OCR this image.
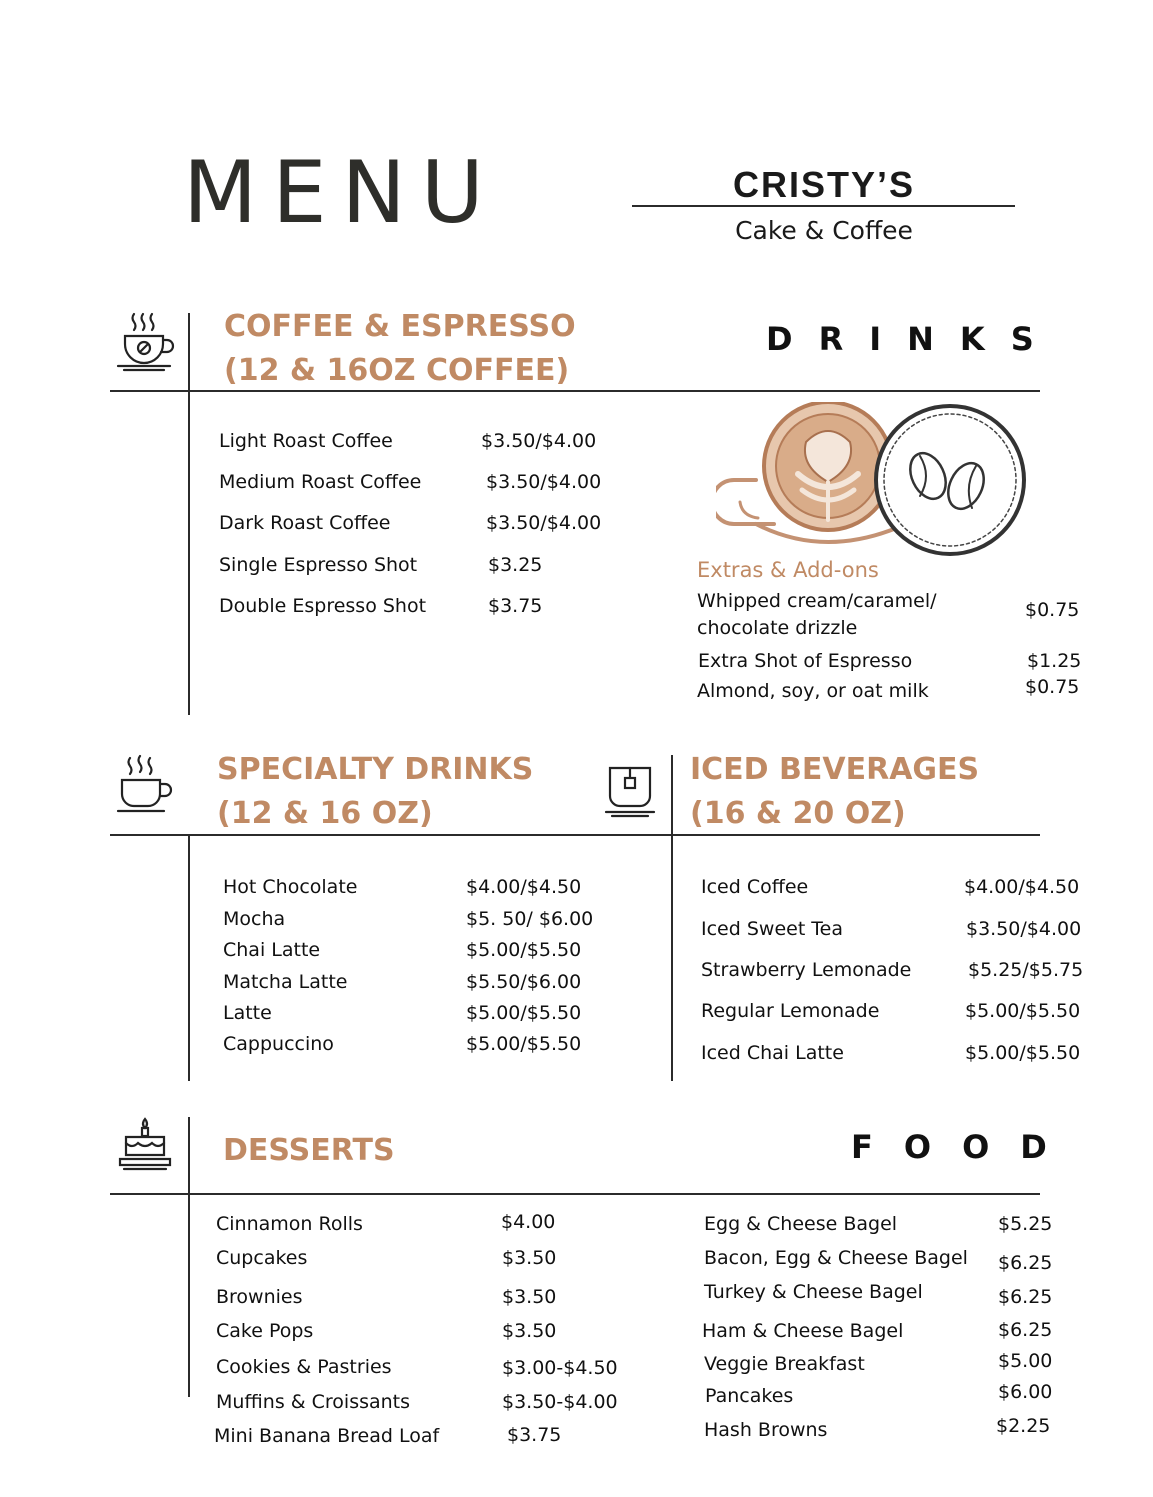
MENU	CRISTY’S
Cake & Coffee
COFFEE & ESPRESSO
(12 & 16OZ COFFEE)
DRINKS
Light Roast Coffee	$3.50/$4.00
Medium Roast Coffee	$3.50/$4.00
Dark Roast Coffee	$3.50/$4.00
Single Espresso Shot	$3.25
Double Espresso Shot	$3.75
Extras & Add-ons
Whipped cream/caramel/
chocolate drizzle
$0.75
Extra Shot of Espresso	$1.25
Almond, soy, or oat milk	$0.75
SPECIALTY DRINKS
(12 & 16 OZ)
ICED BEVERAGES
(16 & 20 OZ)
Hot Chocolate	$4.00/$4.50
Mocha	$5. 50/ $6.00
Chai Latte	$5.00/$5.50
Matcha Latte	$5.50/$6.00
Latte	$5.00/$5.50
Cappuccino	$5.00/$5.50
Iced Coffee	$4.00/$4.50
Iced Sweet Tea	$3.50/$4.00
Strawberry Lemonade	$5.25/$5.75
Regular Lemonade	$5.00/$5.50
Iced Chai Latte	$5.00/$5.50
DESSERTS	FOOD
Cinnamon Rolls	$4.00
Cupcakes	$3.50
Brownies	$3.50
Cake Pops	$3.50
Cookies & Pastries	$3.00-$4.50
Muffins & Croissants	$3.50-$4.00
Mini Banana Bread Loaf	$3.75
Egg & Cheese Bagel	$5.25
Bacon, Egg & Cheese Bagel $6.25
Turkey & Cheese Bagel	$6.25
Ham & Cheese Bagel	$6.25
Veggie Breakfast	$5.00
Pancakes	$6.00
Hash Browns	$2.25
